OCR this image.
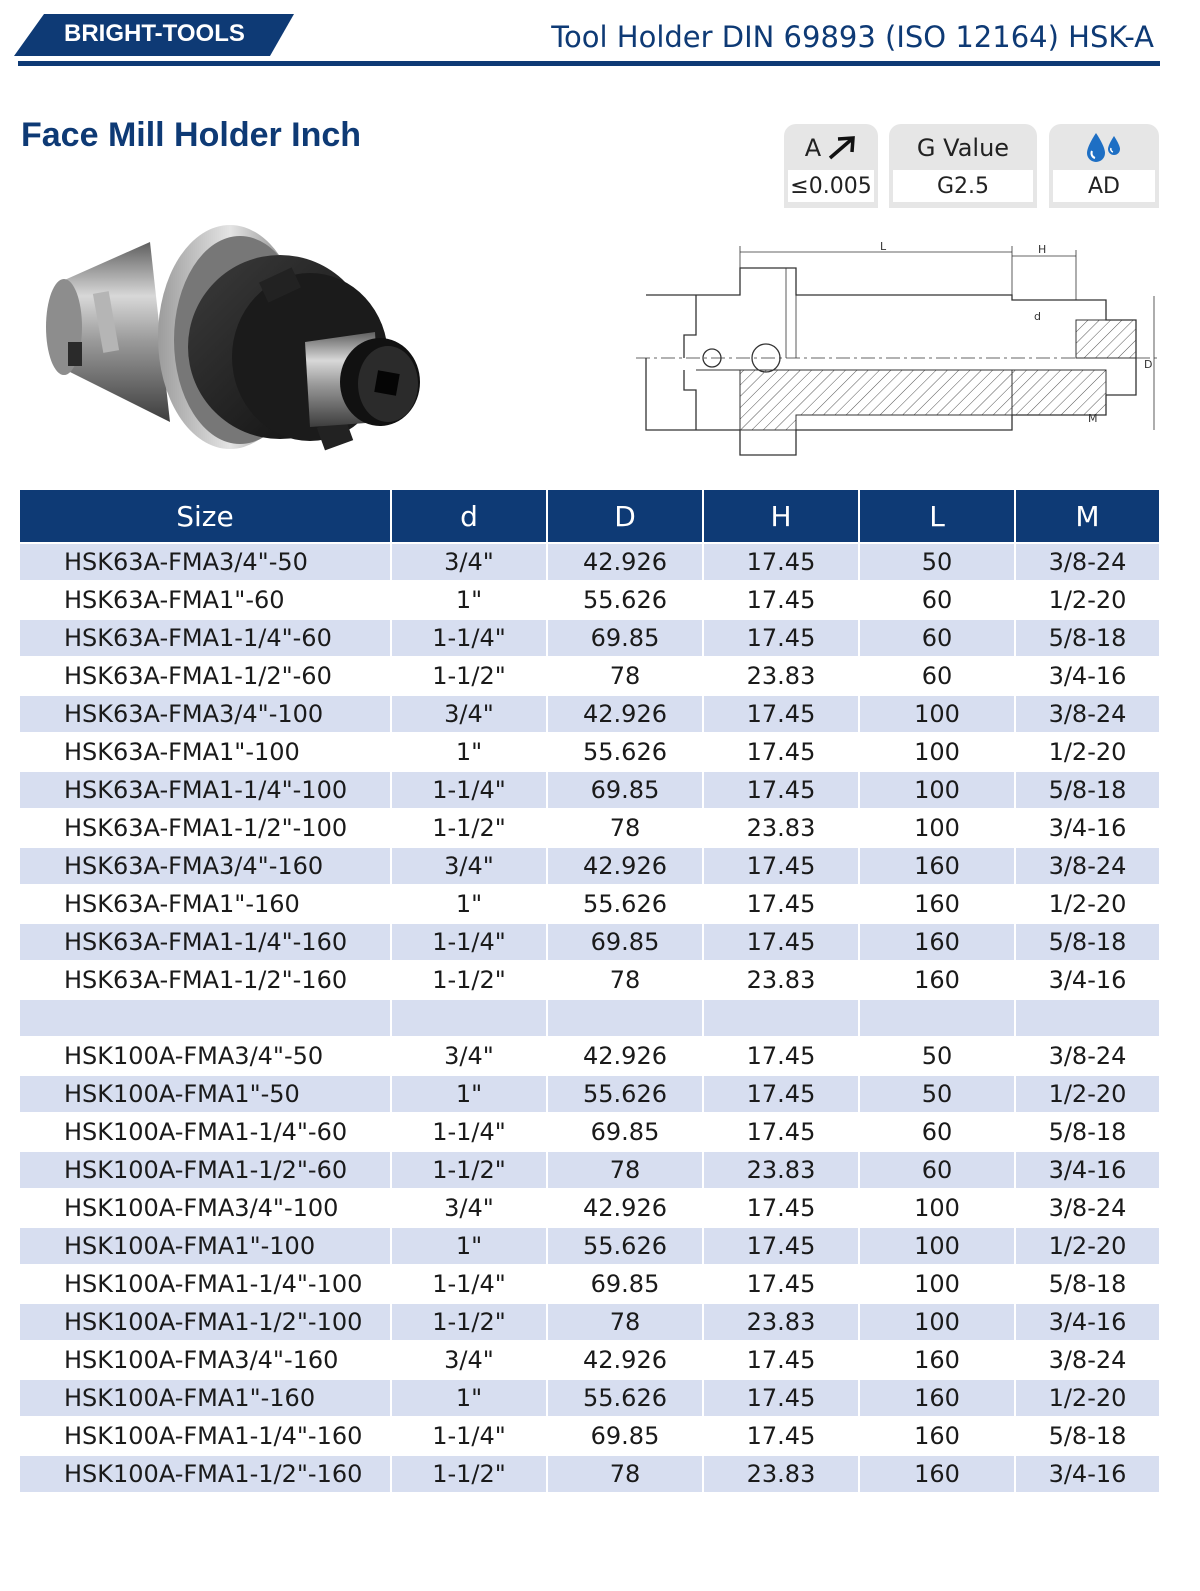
BRIGHT-TOOLS	Tool Holder DIN 69893 (ISO 12164) HSK-A
Face Mill Holder Inch	A
≤0.005
G Value
G2.5	AD
L	H
d
D
M
Size	d	D	H	L	M
HSK63A-FMA3/4"-50	3/4"	42.926	17.45	50	3/8-24
HSK63A-FMA1"-60	1"	55.626	17.45	60	1/2-20
HSK63A-FMA1-1/4"-60	1-1/4"	69.85	17.45	60	5/8-18
HSK63A-FMA1-1/2"-60	1-1/2"	78	23.83	60	3/4-16
HSK63A-FMA3/4"-100	3/4"	42.926	17.45	100	3/8-24
HSK63A-FMA1"-100	1"	55.626	17.45	100	1/2-20
HSK63A-FMA1-1/4"-100	1-1/4"	69.85	17.45	100	5/8-18
HSK63A-FMA1-1/2"-100	1-1/2"	78	23.83	100	3/4-16
HSK63A-FMA3/4"-160	3/4"	42.926	17.45	160	3/8-24
HSK63A-FMA1"-160	1"	55.626	17.45	160	1/2-20
HSK63A-FMA1-1/4"-160	1-1/4"	69.85	17.45	160	5/8-18
HSK63A-FMA1-1/2"-160	1-1/2"	78	23.83	160	3/4-16

HSK100A-FMA3/4"-50	3/4"	42.926	17.45	50	3/8-24
HSK100A-FMA1"-50	1"	55.626	17.45	50	1/2-20
HSK100A-FMA1-1/4"-60	1-1/4"	69.85	17.45	60	5/8-18
HSK100A-FMA1-1/2"-60	1-1/2"	78	23.83	60	3/4-16
HSK100A-FMA3/4"-100	3/4"	42.926	17.45	100	3/8-24
HSK100A-FMA1"-100	1"	55.626	17.45	100	1/2-20
HSK100A-FMA1-1/4"-100	1-1/4"	69.85	17.45	100	5/8-18
HSK100A-FMA1-1/2"-100	1-1/2"	78	23.83	100	3/4-16
HSK100A-FMA3/4"-160	3/4"	42.926	17.45	160	3/8-24
HSK100A-FMA1"-160	1"	55.626	17.45	160	1/2-20
HSK100A-FMA1-1/4"-160	1-1/4"	69.85	17.45	160	5/8-18
HSK100A-FMA1-1/2"-160	1-1/2"	78	23.83	160	3/4-16
